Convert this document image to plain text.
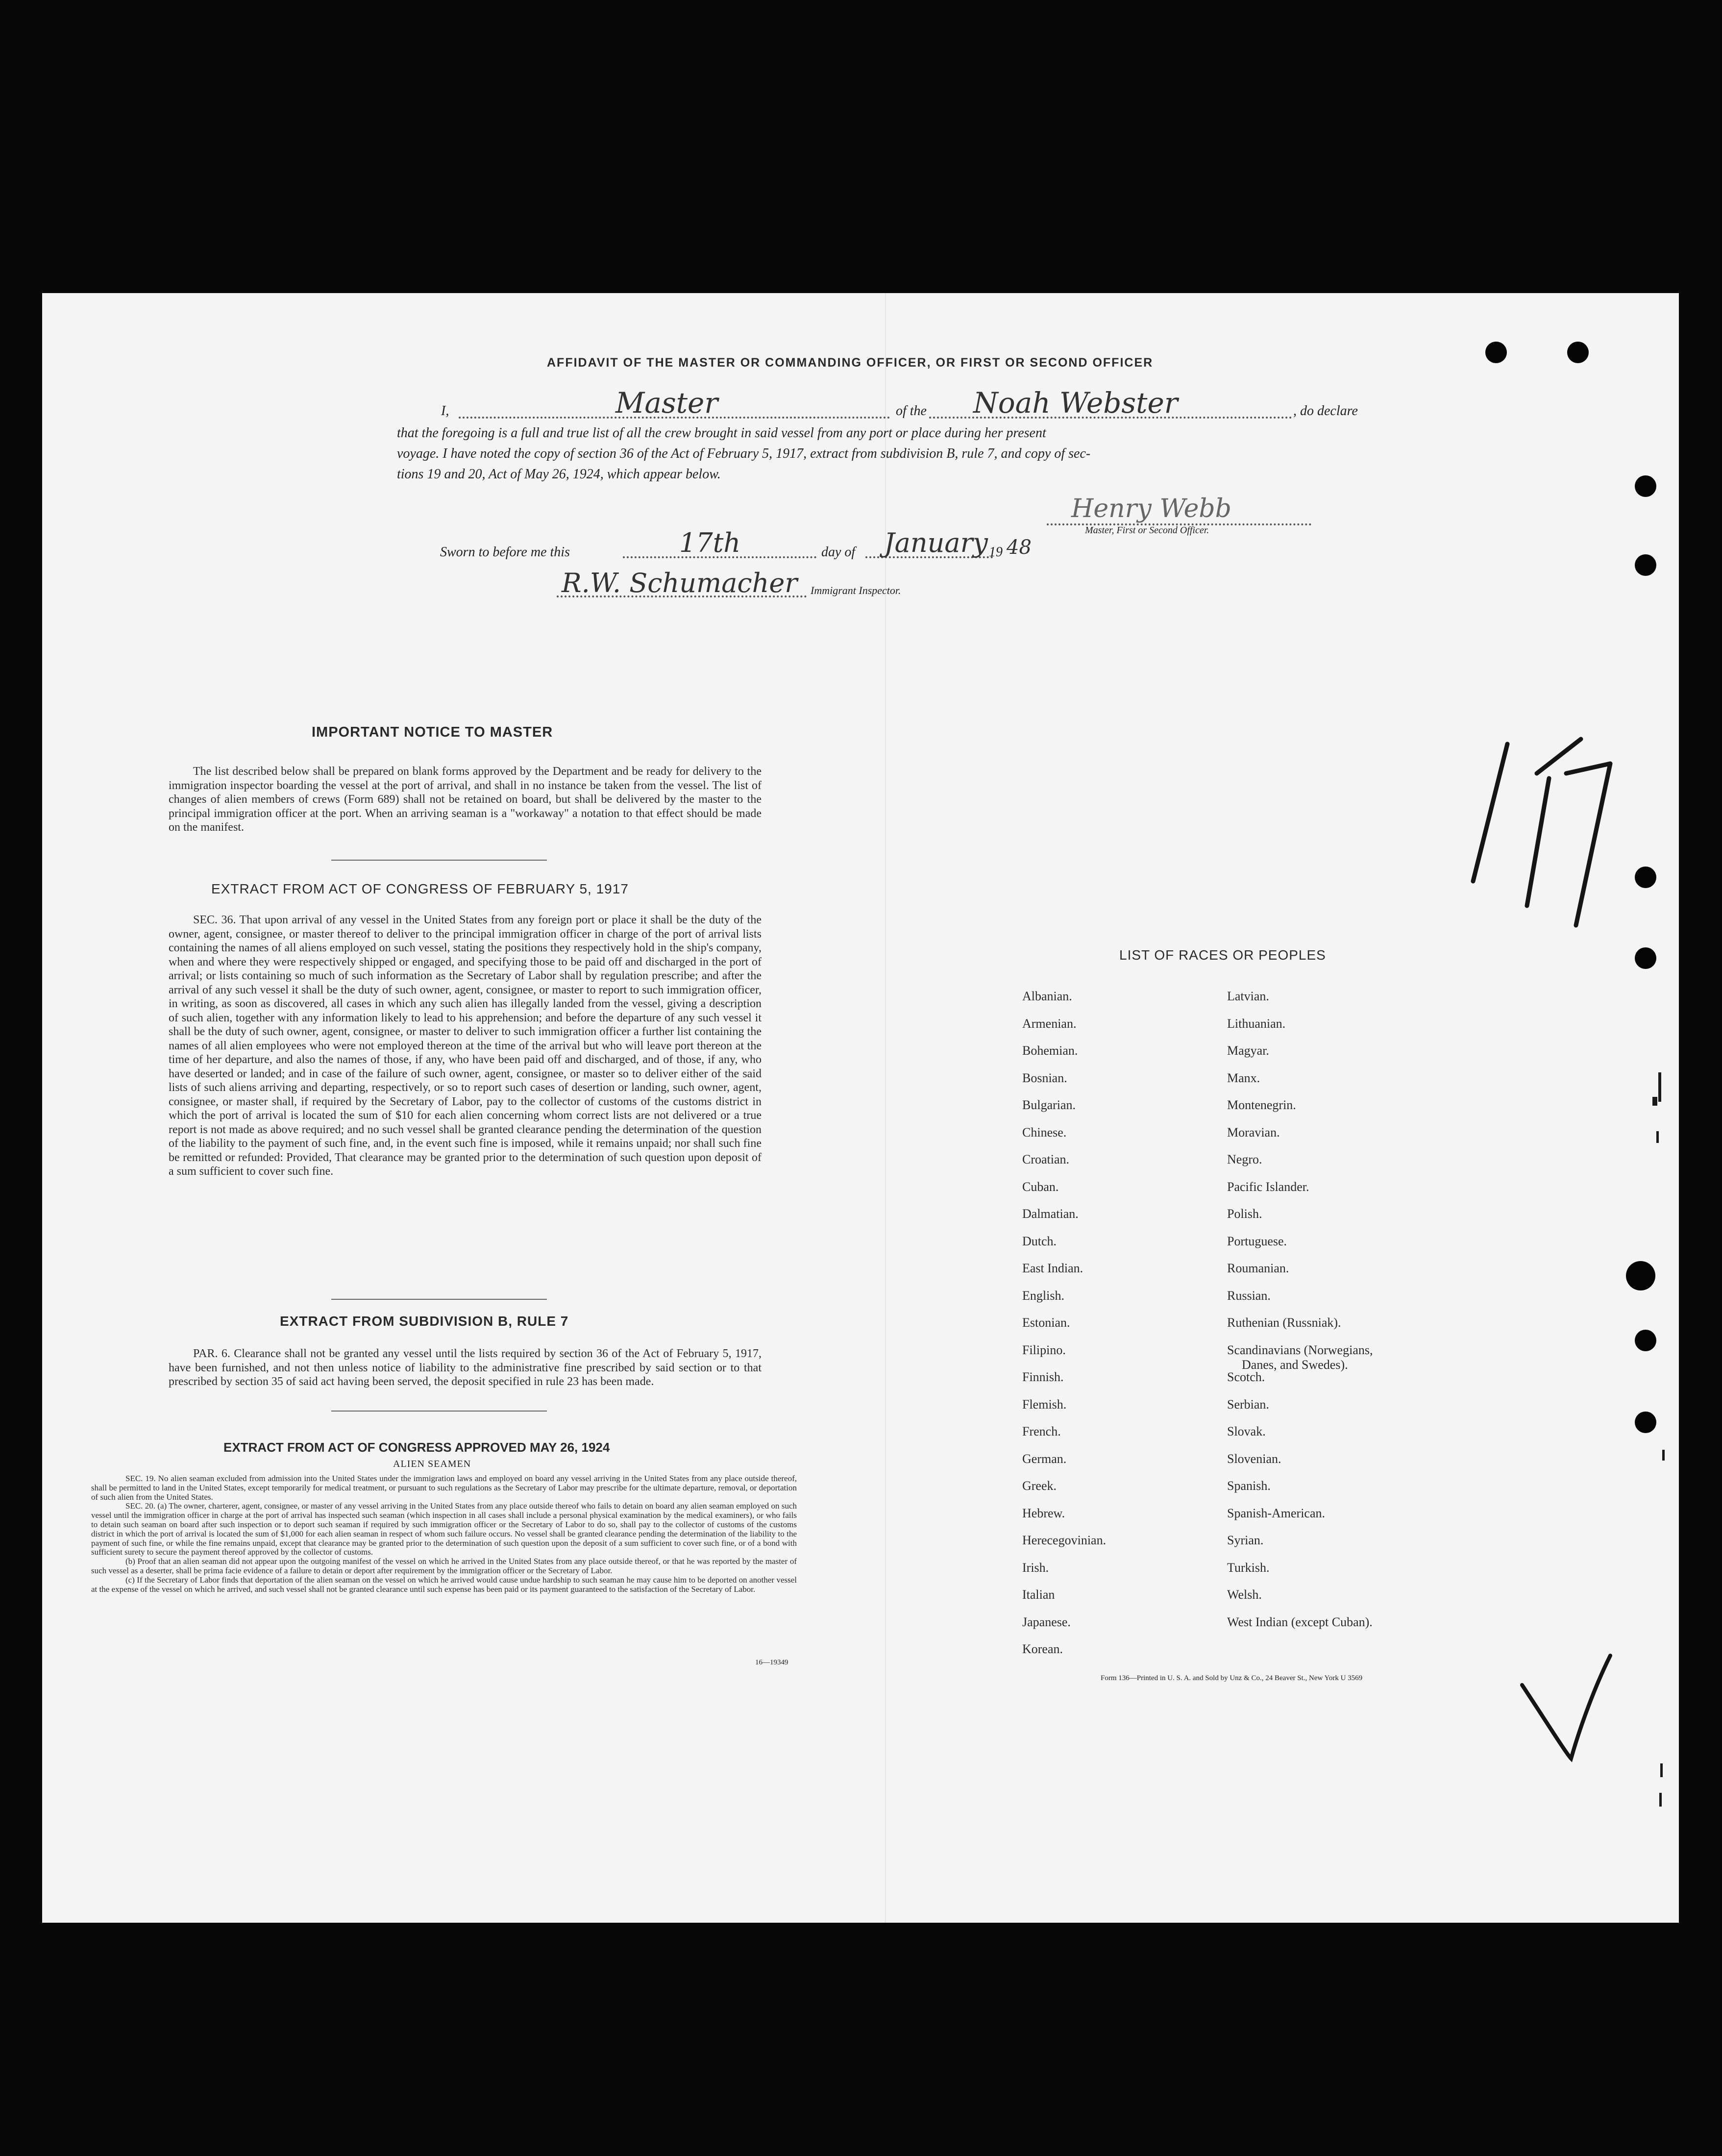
AFFIDAVIT OF THE MASTER OR COMMANDING OFFICER, OR FIRST OR SECOND OFFICER
I,	Master	of the Noah Webster	, do declare
that the foregoing is a full and true list of all the crew brought in said vessel from any port or place during her present
voyage. I have noted the copy of section 36 of the Act of February 5, 1917, extract from subdivision B, rule 7, and copy of sec-
tions 19 and 20, Act of May 26, 1924, which appear below.
Henry Webb
Master, First or Second Officer.
Sworn to before me this	17th	day of January 19 48
R.W. Schumacher Immigrant Inspector.
IMPORTANT NOTICE TO MASTER
The list described below shall be prepared on blank forms approved by the Department and be ready for delivery to the immigration inspector boarding the vessel at the port of arrival, and shall in no instance be taken from the vessel. The list of changes of alien members of crews (Form 689) shall not be retained on board, but shall be delivered by the master to the principal immigration officer at the port. When an arriving seaman is a "workaway" a notation to that effect should be made on the manifest.
EXTRACT FROM ACT OF CONGRESS OF FEBRUARY 5, 1917
SEC. 36. That upon arrival of any vessel in the United States from any foreign port or place it shall be the duty of the owner, agent, consignee, or master thereof to deliver to the principal immigration officer in charge of the port of arrival lists containing the names of all aliens employed on such vessel, stating the positions they respectively hold in the ship's company, when and where they were respectively shipped or engaged, and specifying those to be paid off and discharged in the port of arrival; or lists containing so much of such information as the Secretary of Labor shall by regulation prescribe; and after the arrival of any such vessel it shall be the duty of such owner, agent, consignee, or master to report to such immigration officer, in writing, as soon as discovered, all cases in which any such alien has illegally landed from the vessel, giving a description of such alien, together with any information likely to lead to his apprehension; and before the departure of any such vessel it shall be the duty of such owner, agent, consignee, or master to deliver to such immigration officer a further list containing the names of all alien employees who were not employed thereon at the time of the arrival but who will leave port thereon at the time of her departure, and also the names of those, if any, who have been paid off and discharged, and of those, if any, who have deserted or landed; and in case of the failure of such owner, agent, consignee, or master so to deliver either of the said lists of such aliens arriving and departing, respectively, or so to report such cases of desertion or landing, such owner, agent, consignee, or master shall, if required by the Secretary of Labor, pay to the collector of customs of the customs district in which the port of arrival is located the sum of $10 for each alien concerning whom correct lists are not delivered or a true report is not made as above required; and no such vessel shall be granted clearance pending the determination of the question of the liability to the payment of such fine, and, in the event such fine is imposed, while it remains unpaid; nor shall such fine be remitted or refunded: Provided, That clearance may be granted prior to the determination of such question upon deposit of a sum sufficient to cover such fine.
EXTRACT FROM SUBDIVISION B, RULE 7
PAR. 6. Clearance shall not be granted any vessel until the lists required by section 36 of the Act of February 5, 1917, have been furnished, and not then unless notice of liability to the administrative fine prescribed by said section or to that prescribed by section 35 of said act having been served, the deposit specified in rule 23 has been made.
EXTRACT FROM ACT OF CONGRESS APPROVED MAY 26, 1924
ALIEN SEAMEN
SEC. 19. No alien seaman excluded from admission into the United States under the immigration laws and employed on board any vessel arriving in the United States from any place outside thereof, shall be permitted to land in the United States, except temporarily for medical treatment, or pursuant to such regulations as the Secretary of Labor may prescribe for the ultimate departure, removal, or deportation of such alien from the United States.
SEC. 20. (a) The owner, charterer, agent, consignee, or master of any vessel arriving in the United States from any place outside thereof who fails to detain on board any alien seaman employed on such vessel until the immigration officer in charge at the port of arrival has inspected such seaman (which inspection in all cases shall include a personal physical examination by the medical examiners), or who fails to detain such seaman on board after such inspection or to deport such seaman if required by such immigration officer or the Secretary of Labor to do so, shall pay to the collector of customs of the customs district in which the port of arrival is located the sum of $1,000 for each alien seaman in respect of whom such failure occurs. No vessel shall be granted clearance pending the determination of the liability to the payment of such fine, or while the fine remains unpaid, except that clearance may be granted prior to the determination of such question upon the deposit of a sum sufficient to cover such fine, or of a bond with sufficient surety to secure the payment thereof approved by the collector of customs.
(b) Proof that an alien seaman did not appear upon the outgoing manifest of the vessel on which he arrived in the United States from any place outside thereof, or that he was reported by the master of such vessel as a deserter, shall be prima facie evidence of a failure to detain or deport after requirement by the immigration officer or the Secretary of Labor.
(c) If the Secretary of Labor finds that deportation of the alien seaman on the vessel on which he arrived would cause undue hardship to such seaman he may cause him to be deported on another vessel at the expense of the vessel on which he arrived, and such vessel shall not be granted clearance until such expense has been paid or its payment guaranteed to the satisfaction of the Secretary of Labor.
16—19349
LIST OF RACES OR PEOPLES
Form 136—Printed in U. S. A. and Sold by Unz & Co., 24 Beaver St., New York U 3569
Albanian.
Armenian.
Bohemian.
Bosnian.
Bulgarian.
Chinese.
Croatian.
Cuban.
Dalmatian.
Dutch.
East Indian.
English.
Estonian.
Filipino.
Finnish.
Flemish.
French.
German.
Greek.
Hebrew.
Herecegovinian.
Irish.
Italian
Japanese.
Korean.
Latvian.
Lithuanian.
Magyar.
Manx.
Montenegrin.
Moravian.
Negro.
Pacific Islander.
Polish.
Portuguese.
Roumanian.
Russian.
Ruthenian (Russniak).
Scandinavians (Norwegians,
Danes, and Swedes).
Scotch.
Serbian.
Slovak.
Slovenian.
Spanish.
Spanish-American.
Syrian.
Turkish.
Welsh.
West Indian (except Cuban).
